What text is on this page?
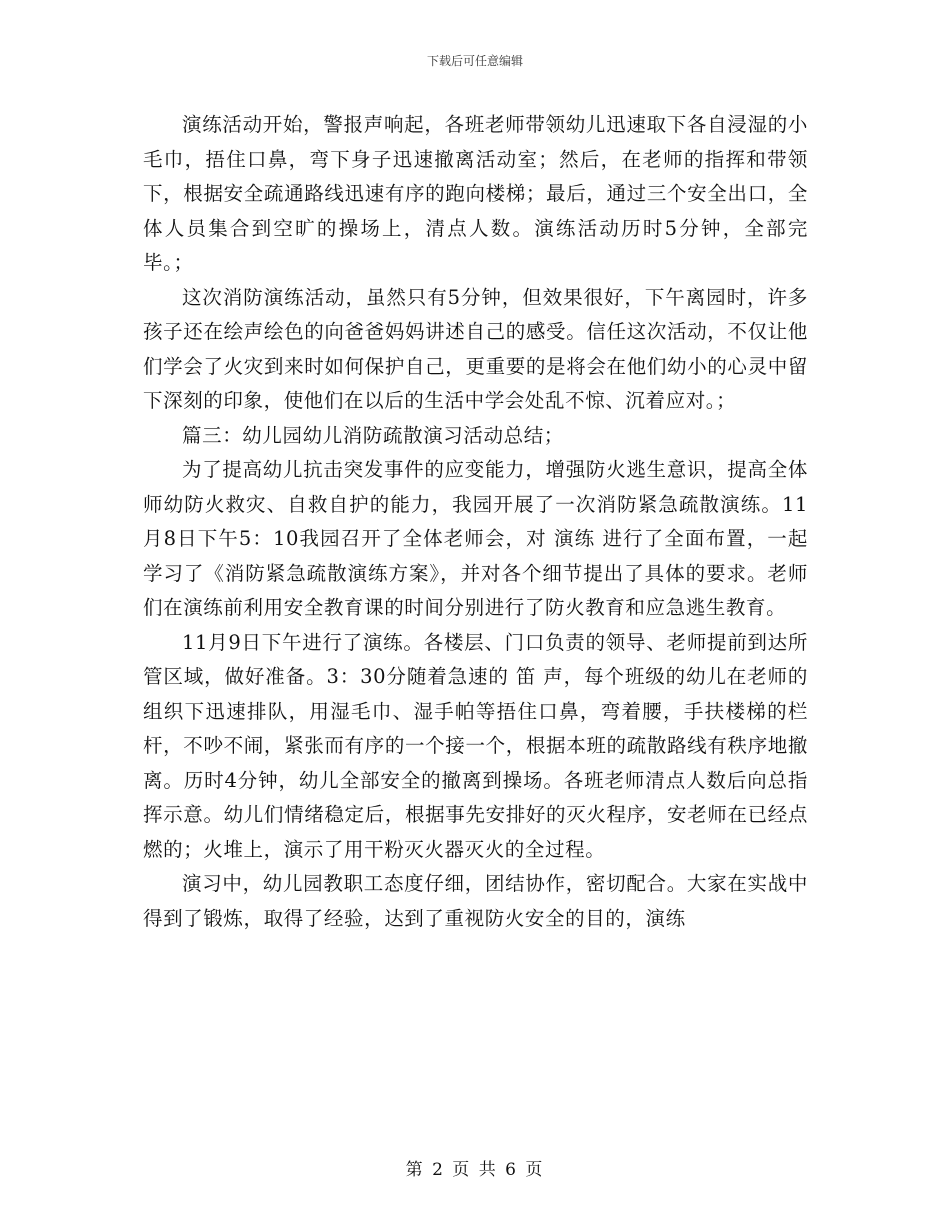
下载后可任意编辑

演练活动开始，警报声响起，各班老师带领幼儿迅速取下各自浸湿的小毛巾，捂住口鼻，弯下身子迅速撤离活动室；然后，在老师的指挥和带领下，根据安全疏通路线迅速有序的跑向楼梯；最后，通过三个安全出口，全体人员集合到空旷的操场上，清点人数。演练活动历时5分钟，全部完毕。；

这次消防演练活动，虽然只有5分钟，但效果很好，下午离园时，许多孩子还在绘声绘色的向爸爸妈妈讲述自己的感受。信任这次活动，不仅让他们学会了火灾到来时如何保护自己，更重要的是将会在他们幼小的心灵中留下深刻的印象，使他们在以后的生活中学会处乱不惊、沉着应对。；

篇三：幼儿园幼儿消防疏散演习活动总结；

为了提高幼儿抗击突发事件的应变能力，增强防火逃生意识，提高全体师幼防火救灾、自救自护的能力，我园开展了一次消防紧急疏散演练。11月8日下午5：10我园召开了全体老师会，对 演练 进行了全面布置，一起学习了《消防紧急疏散演练方案》，并对各个细节提出了具体的要求。老师们在演练前利用安全教育课的时间分别进行了防火教育和应急逃生教育。

11月9日下午进行了演练。各楼层、门口负责的领导、老师提前到达所管区域，做好准备。3：30分随着急速的 笛 声，每个班级的幼儿在老师的组织下迅速排队，用湿毛巾、湿手帕等捂住口鼻，弯着腰，手扶楼梯的栏杆，不吵不闹，紧张而有序的一个接一个，根据本班的疏散路线有秩序地撤离。历时4分钟，幼儿全部安全的撤离到操场。各班老师清点人数后向总指挥示意。幼儿们情绪稳定后，根据事先安排好的灭火程序，安老师在已经点燃的；火堆上，演示了用干粉灭火器灭火的全过程。

演习中，幼儿园教职工态度仔细，团结协作，密切配合。大家在实战中得到了锻炼，取得了经验，达到了重视防火安全的目的，演练

第 2 页 共 6 页
